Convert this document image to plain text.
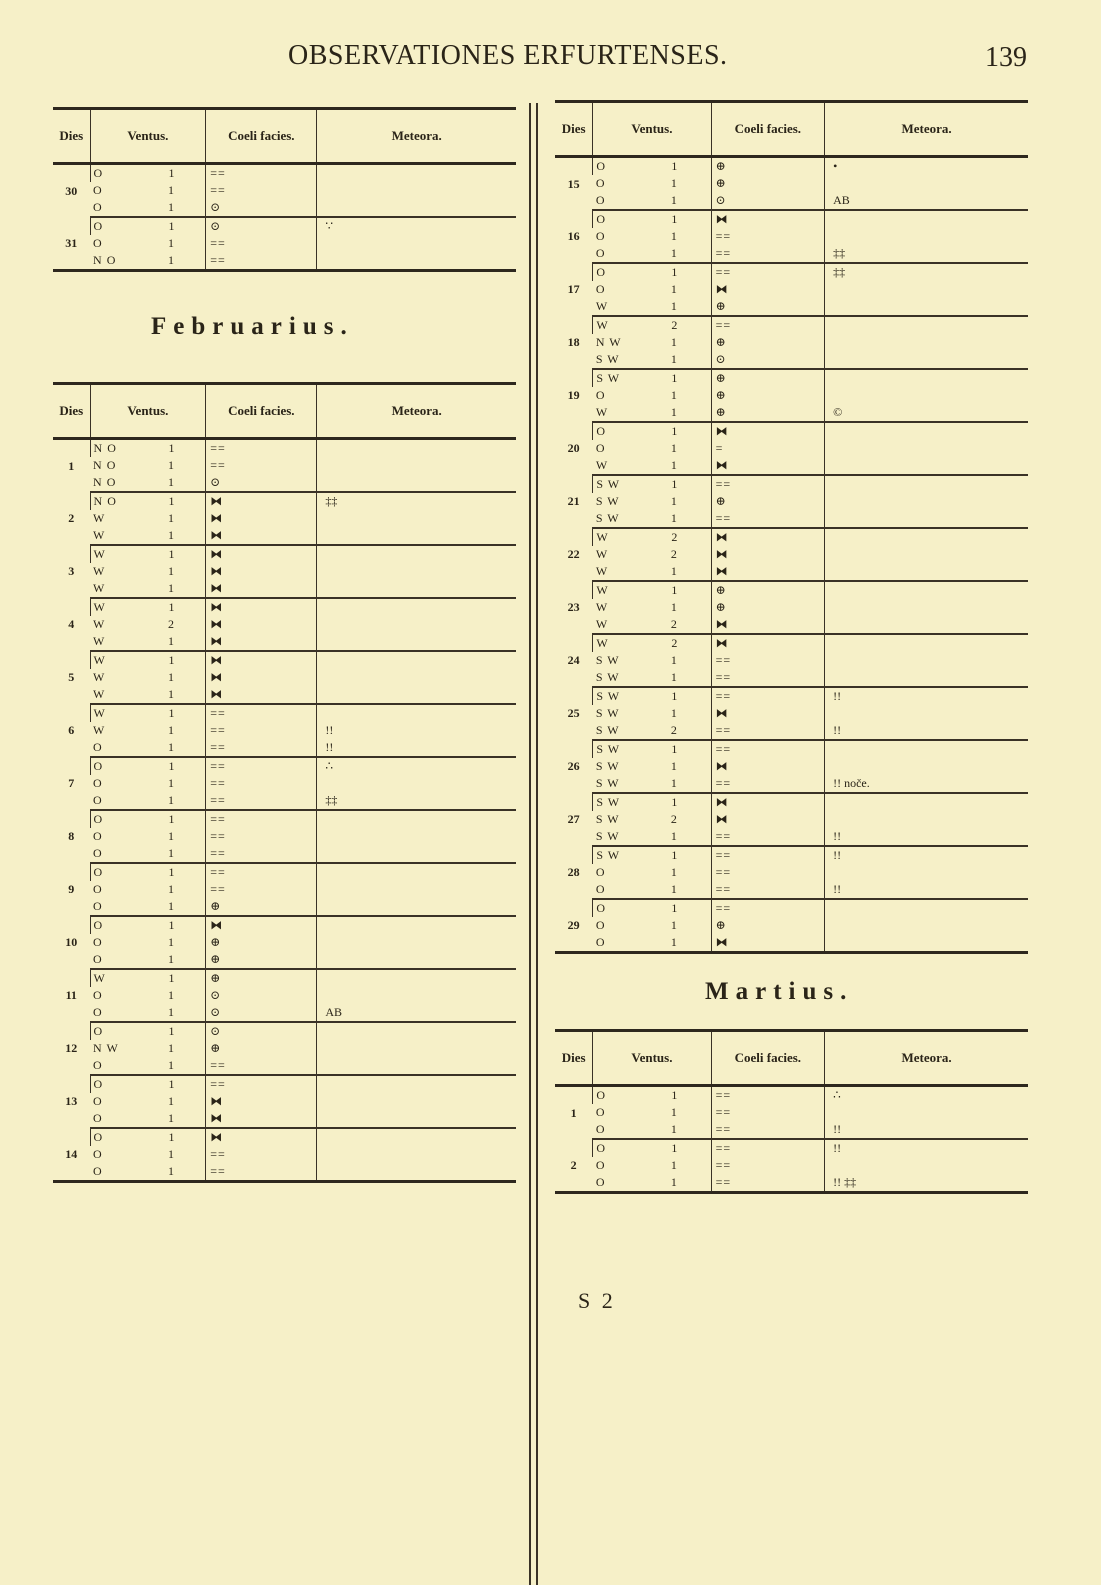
OBSERVATIONES ERFURTENSES.	139
Dies	Ventus.	Coeli facies.	Meteora.
30	O 1	==	
	O 1	==	
	O 1	⊙	
31	O 1	⊙	∵
	O 1	==	
	N O 1	==	
Februarius.
Dies	Ventus.	Coeli facies.	Meteora.
1	N O 1	==	
	N O 1	==	
	N O 1	⊙	
2	N O 1	⧓	‡‡
	W 1	⧓	
	W 1	⧓	
3	W 1	⧓	
	W 1	⧓	
	W 1	⧓	
4	W 1	⧓	
	W 2	⧓	
	W 1	⧓	
5	W 1	⧓	
	W 1	⧓	
	W 1	⧓	
6	W 1	==	
	W 1	==	!!
	O 1	==	!!
7	O 1	==	∴
	O 1	==	
	O 1	==	‡‡
8	O 1	==	
	O 1	==	
	O 1	==	
9	O 1	==	
	O 1	==	
	O 1	⊕	
10	O 1	⧓	
	O 1	⊕	
	O 1	⊕	
11	W 1	⊕	
	O 1	⊙	
	O 1	⊙	AB
12	O 1	⊙	
	N W 1	⊕	
	O 1	==	
13	O 1	==	
	O 1	⧓	
	O 1	⧓	
14	O 1	⧓	
	O 1	==	
	O 1	==	
Dies	Ventus.	Coeli facies.	Meteora.
15	O 1	⊕	•
	O 1	⊕	
	O 1	⊙	AB
16	O 1	⧓	
	O 1	==	
	O 1	==	‡‡
17	O 1	==	‡‡
	O 1	⧓	
	W 1	⊕	
18	W 2	==	
	N W 1	⊕	
	S W 1	⊙	
19	S W 1	⊕	
	O 1	⊕	
	W 1	⊕	©
20	O 1	⧓	
	O 1	=	
	W 1	⧓	
21	S W 1	==	
	S W 1	⊕	
	S W 1	==	
22	W 2	⧓	
	W 2	⧓	
	W 1	⧓	
23	W 1	⊕	
	W 1	⊕	
	W 2	⧓	
24	W 2	⧓	
	S W 1	==	
	S W 1	==	
25	S W 1	==	!!
	S W 1	⧓	
	S W 2	==	!!
26	S W 1	==	
	S W 1	⧓	
	S W 1	==	!! noče.
27	S W 1	⧓	
	S W 2	⧓	
	S W 1	==	!!
28	S W 1	==	!!
	O 1	==	
	O 1	==	!!
29	O 1	==	
	O 1	⊕	
	O 1	⧓	
Martius.
Dies	Ventus.	Coeli facies.	Meteora.
1	O 1	==	∴
	O 1	==	
	O 1	==	!!
2	O 1	==	!!
	O 1	==	
	O 1	==	!! ‡‡
S 2
